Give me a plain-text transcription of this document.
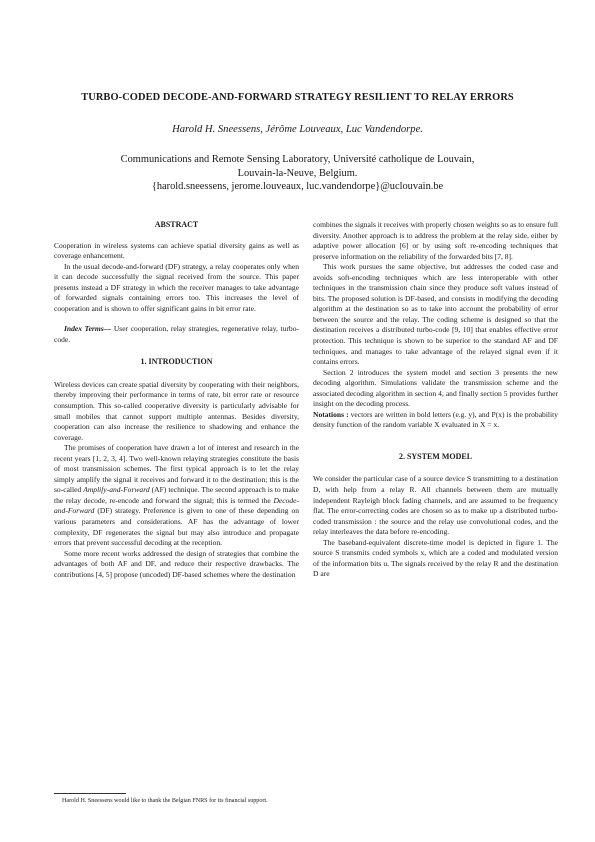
TURBO-CODED DECODE-AND-FORWARD STRATEGY RESILIENT TO RELAY ERRORS
Harold H. Sneessens, Jérôme Louveaux, Luc Vandendorpe.
Communications and Remote Sensing Laboratory, Université catholique de Louvain,
Louvain-la-Neuve, Belgium.
{harold.sneessens, jerome.louveaux, luc.vandendorpe}@uclouvain.be
ABSTRACT

Cooperation in wireless systems can achieve spatial diversity gains as well as coverage enhancement.

In the usual decode-and-forward (DF) strategy, a relay cooperates only when it can decode successfully the signal received from the source. This paper presents instead a DF strategy in which the receiver manages to take advantage of forwarded signals containing errors too. This increases the level of cooperation and is shown to offer significant gains in bit error rate.

Index Terms— User cooperation, relay strategies, regenerative relay, turbo-code.

1. INTRODUCTION

Wireless devices can create spatial diversity by cooperating with their neighbors, thereby improving their performance in terms of rate, bit error rate or resource consumption. This so-called cooperative diversity is particularly advisable for small mobiles that cannot support multiple antennas. Besides diversity, cooperation can also increase the resilience to shadowing and enhance the coverage.

The promises of cooperation have drawn a lot of interest and research in the recent years [1, 2, 3, 4]. Two well-known relaying strategies constitute the basis of most transmission schemes. The first typical approach is to let the relay simply amplify the signal it receives and forward it to the destination; this is the so-called Amplify-and-Forward (AF) technique. The second approach is to make the relay decode, re-encode and forward the signal; this is termed the Decode-and-Forward (DF) strategy. Preference is given to one of these depending on various parameters and considerations. AF has the advantage of lower complexity, DF regenerates the signal but may also introduce and propagate errors that prevent successful decoding at the reception.

Some more recent works addressed the design of strategies that combine the advantages of both AF and DF, and reduce their respective drawbacks. The contributions [4, 5] propose (uncoded) DF-based schemes where the destination

Harold H. Sneessens would like to thank the Belgian FNRS for its financial support.

combines the signals it receives with properly chosen weights so as to ensure full diversity. Another approach is to address the problem at the relay side, either by adaptive power allocation [6] or by using soft re-encoding techniques that preserve information on the reliability of the forwarded bits [7, 8].

This work pursues the same objective, but addresses the coded case and avoids soft-encoding techniques which are less interoperable with other techniques in the transmission chain since they produce soft values instead of bits. The proposed solution is DF-based, and consists in modifying the decoding algorithm at the destination so as to take into account the probability of error between the source and the relay. The coding scheme is designed so that the destination receives a distributed turbo-code [9, 10] that enables effective error protection. This technique is shown to be superior to the standard AF and DF techniques, and manages to take advantage of the relayed signal even if it contains errors.

Section 2 introduces the system model and section 3 presents the new decoding algorithm. Simulations validate the transmission scheme and the associated decoding algorithm in section 4, and finally section 5 provides further insight on the decoding process.

Notations : vectors are written in bold letters (e.g. y), and P(x) is the probability density function of the random variable X evaluated in X = x.

2. SYSTEM MODEL

We consider the particular case of a source device S transmitting to a destination D, with help from a relay R. All channels between them are mutually independent Rayleigh block fading channels, and are assumed to be frequency flat. The error-correcting codes are chosen so as to make up a distributed turbo-coded transmission : the source and the relay use convolutional codes, and the relay interleaves the data before re-encoding.

The baseband-equivalent discrete-time model is depicted in figure 1. The source S transmits coded symbols x, which are a coded and modulated version of the information bits u. The signals received by the relay R and the destination D are
